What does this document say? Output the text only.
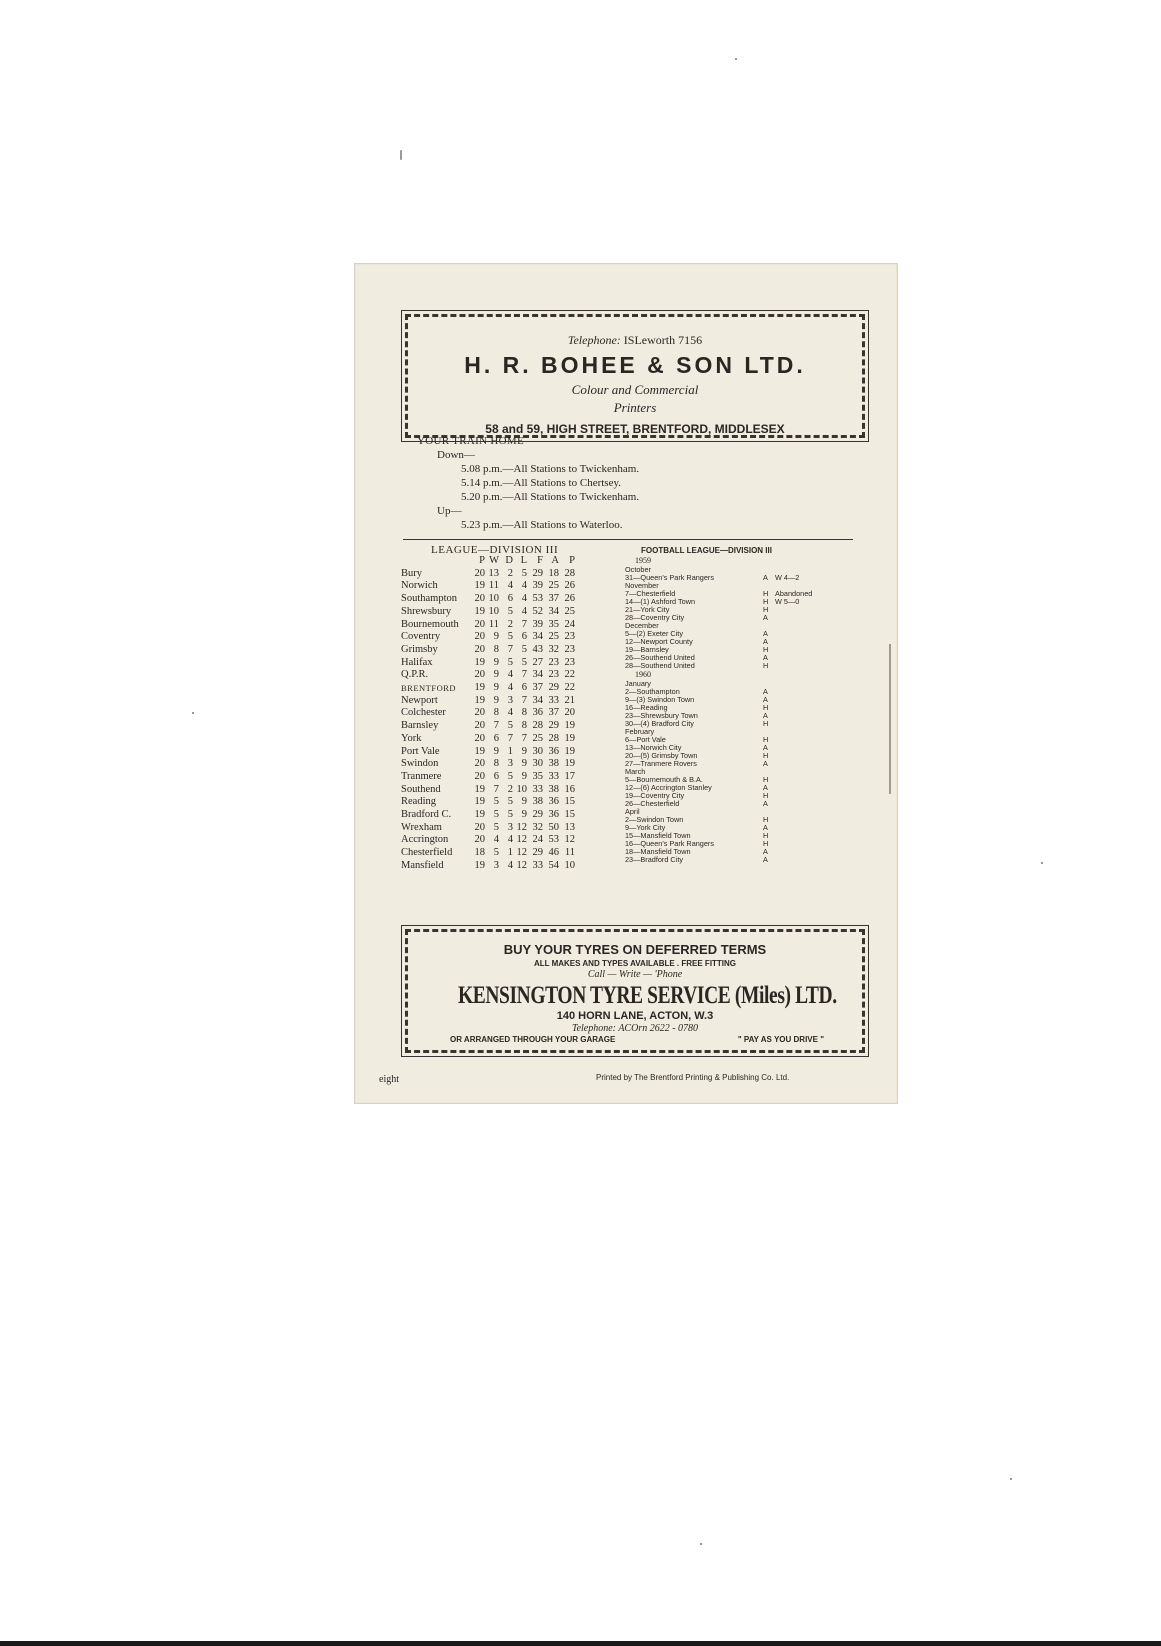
Telephone: ISLeworth 7156
H. R. BOHEE & SON LTD.
Colour and Commercial
Printers
58 and 59, HIGH STREET, BRENTFORD, MIDDLESEX
YOUR TRAIN HOME
Down—
5.08 p.m.—All Stations to Twickenham.
5.14 p.m.—All Stations to Chertsey.
5.20 p.m.—All Stations to Twickenham.
Up—
5.23 p.m.—All Stations to Waterloo.
LEAGUE—DIVISION III
	P	W	D	L	F	A	P
Bury	20	13	2	5	29	18	28
Norwich	19	11	4	4	39	25	26
Southampton	20	10	6	4	53	37	26
Shrewsbury	19	10	5	4	52	34	25
Bournemouth	20	11	2	7	39	35	24
Coventry	20	9	5	6	34	25	23
Grimsby	20	8	7	5	43	32	23
Halifax	19	9	5	5	27	23	23
Q.P.R.	20	9	4	7	34	23	22
BRENTFORD	19	9	4	6	37	29	22
Newport	19	9	3	7	34	33	21
Colchester	20	8	4	8	36	37	20
Barnsley	20	7	5	8	28	29	19
York	20	6	7	7	25	28	19
Port Vale	19	9	1	9	30	36	19
Swindon	20	8	3	9	30	38	19
Tranmere	20	6	5	9	35	33	17
Southend	19	7	2	10	33	38	16
Reading	19	5	5	9	38	36	15
Bradford C.	19	5	5	9	29	36	15
Wrexham	20	5	3	12	32	50	13
Accrington	20	4	4	12	24	53	12
Chesterfield	18	5	1	12	29	46	11
Mansfield	19	3	4	12	33	54	10
FOOTBALL LEAGUE—DIVISION III
1959
October
31—Queen's Park Rangers	A W 4—2
November
7—Chesterfield	H Abandoned
14—(1) Ashford Town	H W 5—0
21—York City	H
28—Coventry City	A
December
5—(2) Exeter City	A
12—Newport County	A
19—Barnsley	H
26—Southend United	A
28—Southend United	H
1960
January
2—Southampton	A
9—(3) Swindon Town	A
16—Reading	H
23—Shrewsbury Town	A
30—(4) Bradford City	H
February
6—Port Vale	H
13—Norwich City	A
20—(5) Grimsby Town	H
27—Tranmere Rovers	A
March
5—Bournemouth & B.A.	H
12—(6) Accrington Stanley	A
19—Coventry City	H
26—Chesterfield	A
April
2—Swindon Town	H
9—York City	A
15—Mansfield Town	H
16—Queen's Park Rangers	H
18—Mansfield Town	A
23—Bradford City	A
BUY YOUR TYRES ON DEFERRED TERMS
ALL MAKES AND TYPES AVAILABLE . FREE FITTING
Call — Write — 'Phone
KENSINGTON TYRE SERVICE (Miles) LTD.
140 HORN LANE, ACTON, W.3
Telephone: ACOrn 2622 - 0780
OR ARRANGED THROUGH YOUR GARAGE	" PAY AS YOU DRIVE "
eight	Printed by The Brentford Printing & Publishing Co. Ltd.
